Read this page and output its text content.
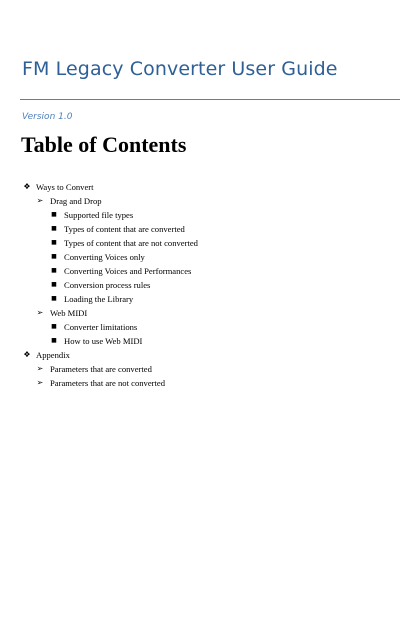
FM Legacy Converter User Guide
Version 1.0
Table of Contents
❖ Ways to Convert
➢ Drag and Drop
■ Supported file types
■ Types of content that are converted
■ Types of content that are not converted
■ Converting Voices only
■ Converting Voices and Performances
■ Conversion process rules
■ Loading the Library
➢ Web MIDI
■ Converter limitations
■ How to use Web MIDI
❖ Appendix
➢ Parameters that are converted
➢ Parameters that are not converted
